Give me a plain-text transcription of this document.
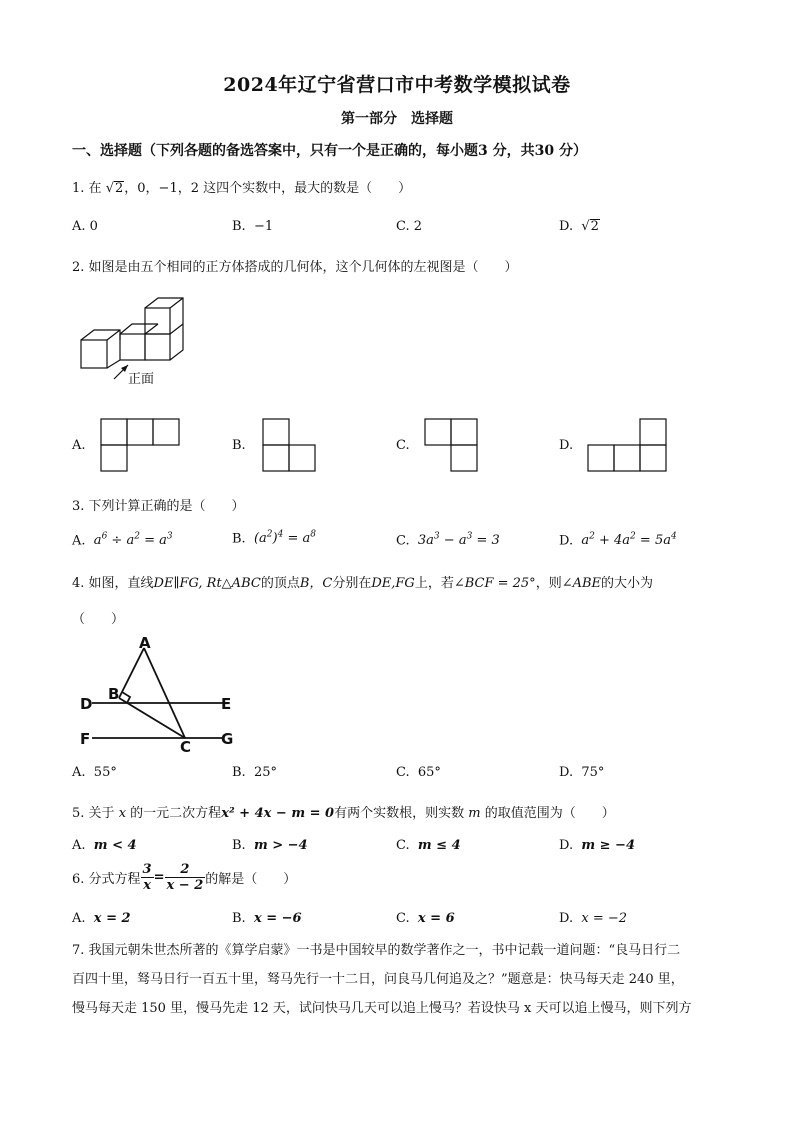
2024年辽宁省营口市中考数学模拟试卷
第一部分　选择题
一、选择题（下列各题的备选答案中，只有一个是正确的，每小题3 分，共30 分）
1. 在 √2，0，−1，2 这四个实数中，最大的数是（　　）
A. 0	B. −1	C. 2	D.  √2
2. 如图是由五个相同的正方体搭成的几何体，这个几何体的左视图是（　　）
正面
A.	B.	C.	D.
3. 下列计算正确的是（　　）
A. $a^6 \div a^2 = a^3$	B. $(a^2)^4 = a^8$	C. $3a^3 - a^3 = 3$	D. $a^2 + 4a^2 = 5a^4$
4. 如图，直线DE∥FG, Rt△ABC的顶点B，C分别在DE,FG上，若∠BCF = 25°，则∠ABE的大小为
（　　）
A
B
C
D	E
F	G
A. 55°	B. 25°	C. 65°	D. 75°
5. 关于 x 的一元二次方程x² + 4x − m = 0有两个实数根，则实数 m 的取值范围为（　　）
A. m < 4	B. m > −4	C. m ≤ 4	D. m ≥ −4
6. 分式方程 $\frac{3}{x} = \frac{2}{x - 2}$ 的解是（　　）
A. x = 2	B. x = −6	C. x = 6	D. x = −2
7. 我国元朝朱世杰所著的《算学启蒙》一书是中国较早的数学著作之一，书中记载一道问题：“良马日行二
百四十里，驽马日行一百五十里，驽马先行一十二日，问良马几何追及之？”题意是：快马每天走 240 里，
慢马每天走 150 里，慢马先走 12 天，试问快马几天可以追上慢马？若设快马 x 天可以追上慢马，则下列方
